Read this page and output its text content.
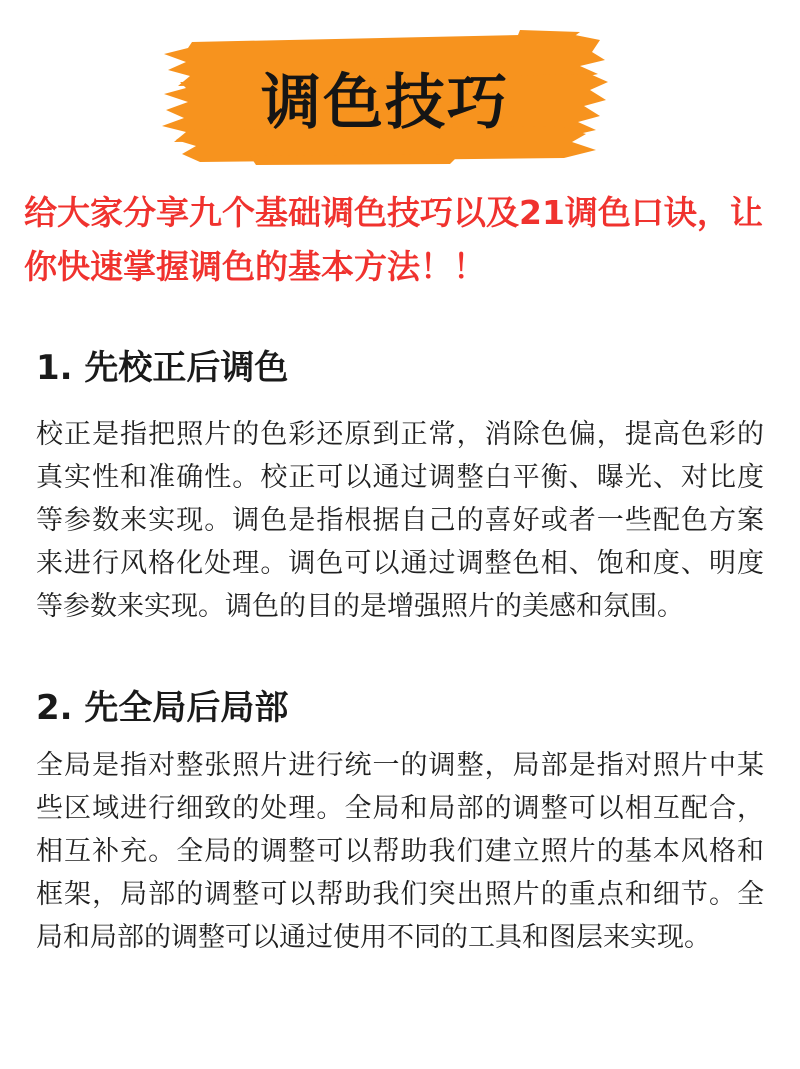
调色技巧

给大家分享九个基础调色技巧以及21调色口诀，让你快速掌握调色的基本方法！！

1. 先校正后调色

校正是指把照片的色彩还原到正常，消除色偏，提高色彩的真实性和准确性。校正可以通过调整白平衡、曝光、对比度等参数来实现。调色是指根据自己的喜好或者一些配色方案来进行风格化处理。调色可以通过调整色相、饱和度、明度等参数来实现。调色的目的是增强照片的美感和氛围。

2. 先全局后局部

全局是指对整张照片进行统一的调整，局部是指对照片中某些区域进行细致的处理。全局和局部的调整可以相互配合，相互补充。全局的调整可以帮助我们建立照片的基本风格和框架，局部的调整可以帮助我们突出照片的重点和细节。全局和局部的调整可以通过使用不同的工具和图层来实现。
